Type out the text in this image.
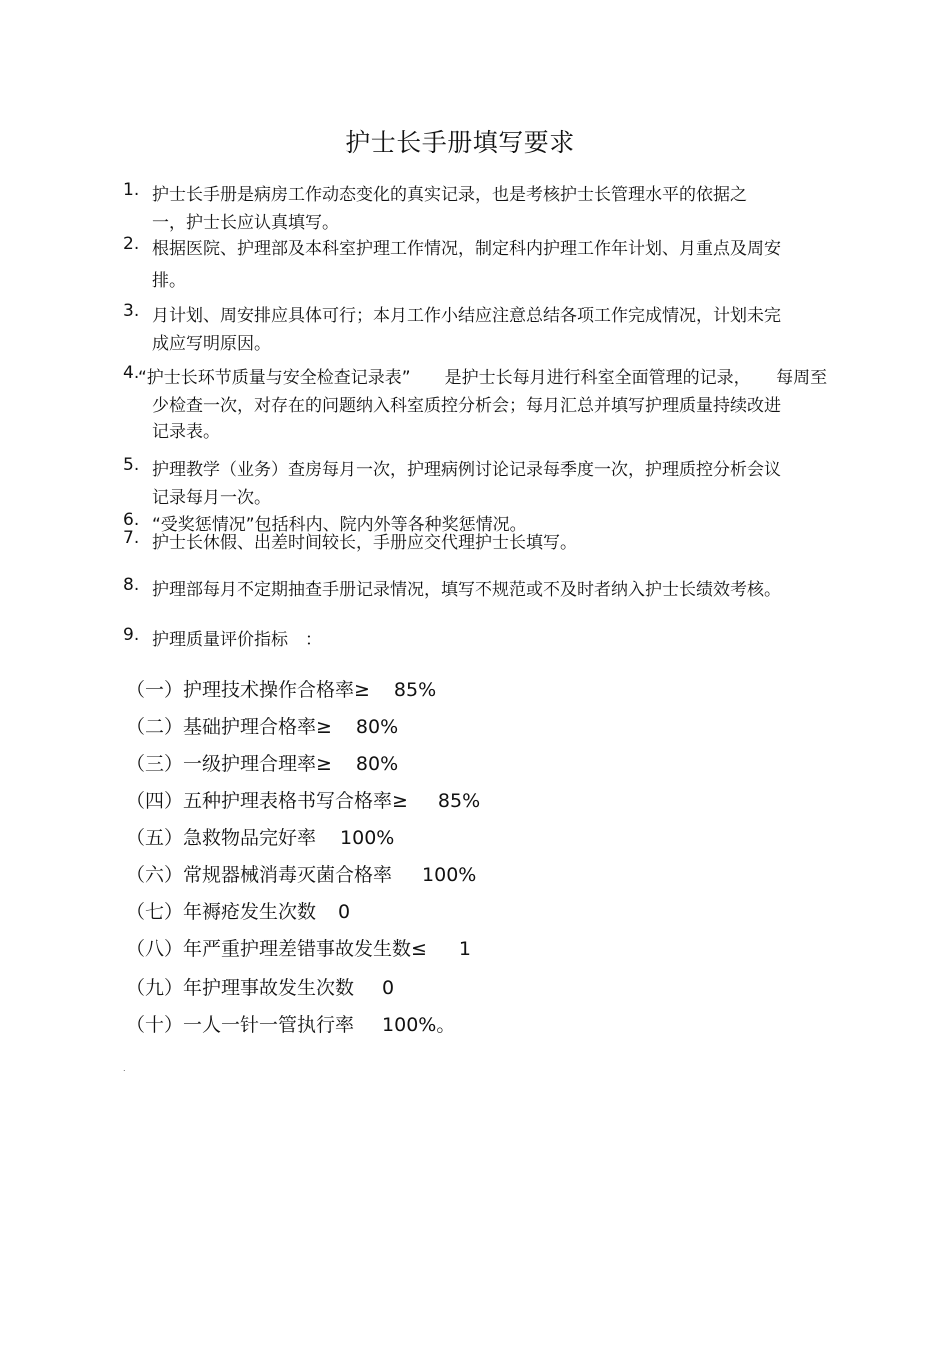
护士长手册填写要求
1. 护士长手册是病房工作动态变化的真实记录，也是考核护士长管理水平的依据之
一，护士长应认真填写。
2. 根据医院、护理部及本科室护理工作情况，制定科内护理工作年计划、月重点及周安
排。
3. 月计划、周安排应具体可行；本月工作小结应注意总结各项工作完成情况，计划未完
成应写明原因。
4.
“护士长环节质量与安全检查记录表”　　是护士长每月进行科室全面管理的记录，　　每周至
少检查一次，对存在的问题纳入科室质控分析会；每月汇总并填写护理质量持续改进
记录表。
5. 护理教学（业务）查房每月一次，护理病例讨论记录每季度一次，护理质控分析会议
记录每月一次。
6. “受奖惩情况”包括科内、院内外等各种奖惩情况。
7. 护士长休假、出差时间较长，手册应交代理护士长填写。
8. 护理部每月不定期抽查手册记录情况，填写不规范或不及时者纳入护士长绩效考核。
9. 护理质量评价指标　：
（一）护理技术操作合格率≥ 85%
（二）基础护理合格率≥ 80%
（三）一级护理合理率≥ 80%
（四）五种护理表格书写合格率≥ 85%
（五）急救物品完好率 100%
（六）常规器械消毒灭菌合格率 100%
（七）年褥疮发生次数 0
（八）年严重护理差错事故发生数≤ 1
（九）年护理事故发生次数 0
（十）一人一针一管执行率 100%。
.
